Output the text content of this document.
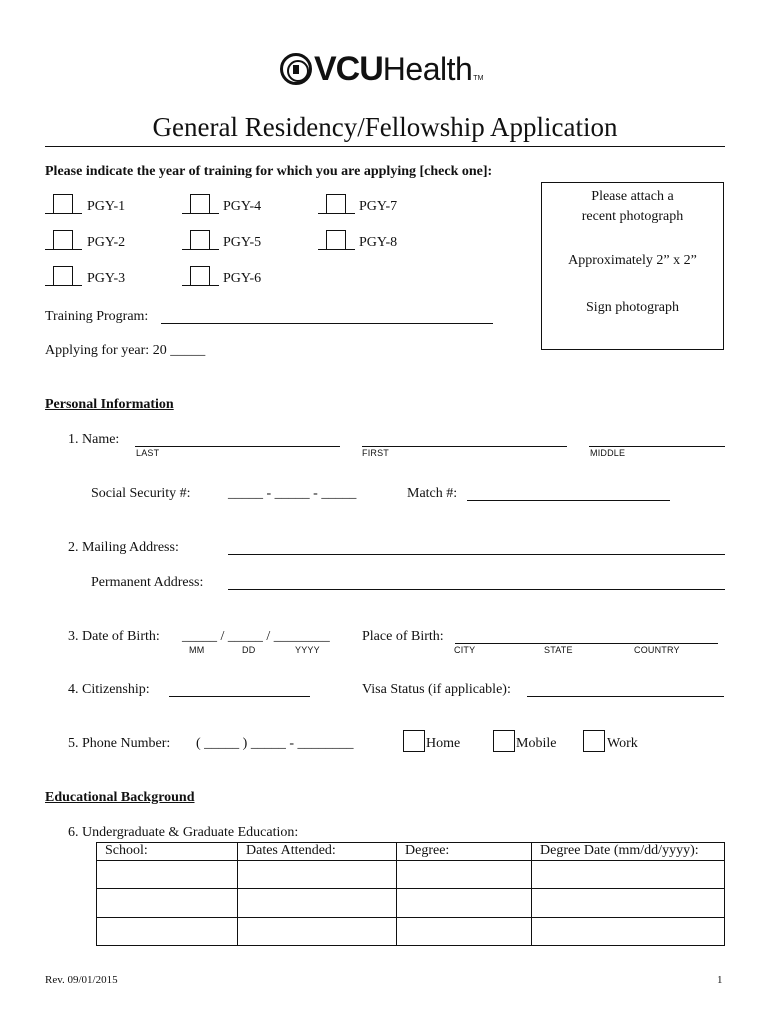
VCU Health TM
General Residency/Fellowship Application
Please indicate the year of training for which you are applying [check one]:
PGY-1	PGY-4	PGY-7
PGY-2	PGY-5	PGY-8
PGY-3	PGY-6
Training Program:
Applying for year: 20 _____
Please attach a
recent photograph
Approximately 2” x 2”
Sign photograph
Personal Information
1. Name:
LAST	FIRST	MIDDLE
Social Security #:	_____ - _____ - _____	Match #:
2. Mailing Address:
Permanent Address:
3. Date of Birth: _____ / _____ / ________
MM	DD	YYYY
Place of Birth:
CITY	STATE	COUNTRY
4. Citizenship:	Visa Status (if applicable):
5. Phone Number: ( _____ ) _____ - ________	Home	Mobile	Work
Educational Background
6. Undergraduate & Graduate Education:
School:	Dates Attended:	Degree:	Degree Date (mm/dd/yyyy):

Rev. 09/01/2015	1
